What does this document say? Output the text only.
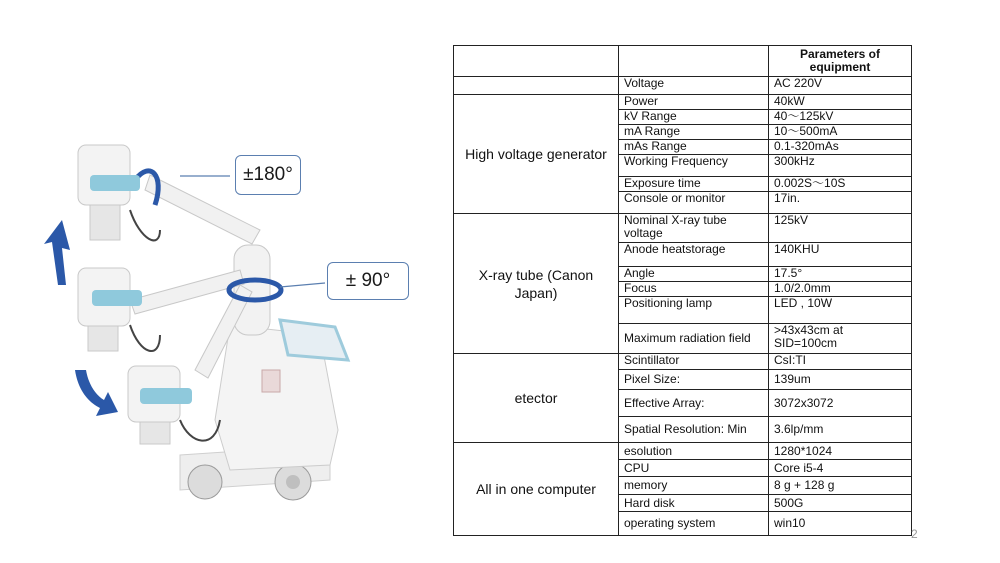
±180°
± 90°
		Parameters of equipment
	Voltage	AC 220V
High voltage generator	Power	40kW
	kV Range	40～125kV
	mA Range	10～500mA
	mAs Range	0.1-320mAs
	Working Frequency	300kHz
	Exposure time	0.002S～10S
	Console or monitor	17in.
X-ray tube (Canon Japan)	Nominal X-ray tube voltage	125kV
	Anode heatstorage	140KHU
	Angle	17.5°
	Focus	1.0/2.0mm
	Positioning lamp	LED , 10W
	Maximum radiation field	>43x43cm at SID=100cm
etector	Scintillator	CsI:TI
	Pixel Size:	139um
	Effective Array:	3072x3072
	Spatial Resolution: Min	3.6lp/mm
All in one computer	esolution	1280*1024
	CPU	Core i5-4
	memory	8 g + 128 g
	Hard disk	500G
	operating system	win10
2
